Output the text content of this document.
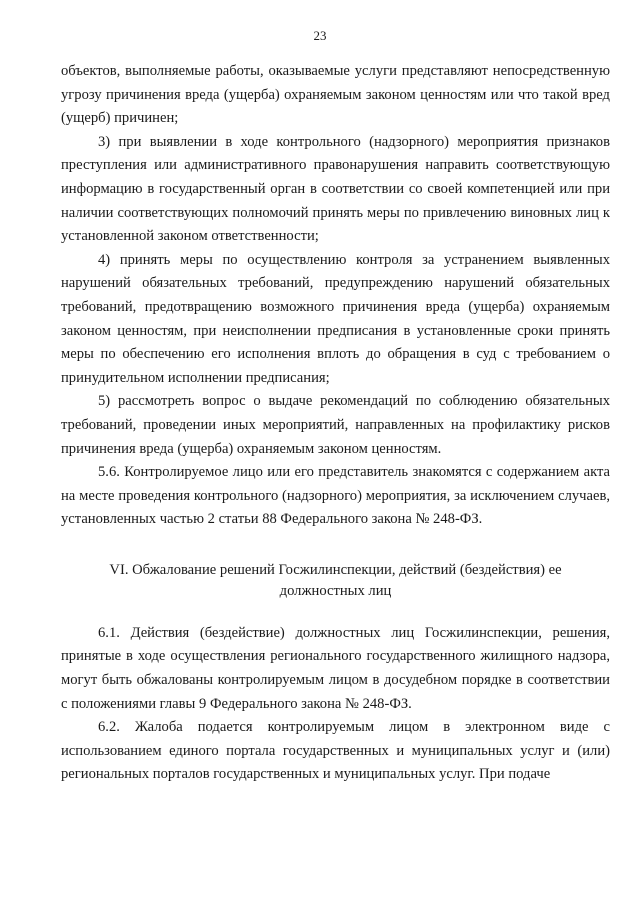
23

объектов, выполняемые работы, оказываемые услуги представляют непосредственную угрозу причинения вреда (ущерба) охраняемым законом ценностям или что такой вред (ущерб) причинен;

3) при выявлении в ходе контрольного (надзорного) мероприятия признаков преступления или административного правонарушения направить соответствующую информацию в государственный орган в соответствии со своей компетенцией или при наличии соответствующих полномочий принять меры по привлечению виновных лиц к установленной законом ответственности;

4) принять меры по осуществлению контроля за устранением выявленных нарушений обязательных требований, предупреждению нарушений обязательных требований, предотвращению возможного причинения вреда (ущерба) охраняемым законом ценностям, при неисполнении предписания в установленные сроки принять меры по обеспечению его исполнения вплоть до обращения в суд с требованием о принудительном исполнении предписания;

5) рассмотреть вопрос о выдаче рекомендаций по соблюдению обязательных требований, проведении иных мероприятий, направленных на профилактику рисков причинения вреда (ущерба) охраняемым законом ценностям.

5.6. Контролируемое лицо или его представитель знакомятся с содержанием акта на месте проведения контрольного (надзорного) мероприятия, за исключением случаев, установленных частью 2 статьи 88 Федерального закона № 248-ФЗ.

VI. Обжалование решений Госжилинспекции, действий (бездействия) ее
должностных лиц

6.1. Действия (бездействие) должностных лиц Госжилинспекции, решения, принятые в ходе осуществления регионального государственного жилищного надзора, могут быть обжалованы контролируемым лицом в досудебном порядке в соответствии с положениями главы 9 Федерального закона № 248-ФЗ.

6.2. Жалоба подается контролируемым лицом в электронном виде с использованием единого портала государственных и муниципальных услуг и (или) региональных порталов государственных и муниципальных услуг. При подаче
